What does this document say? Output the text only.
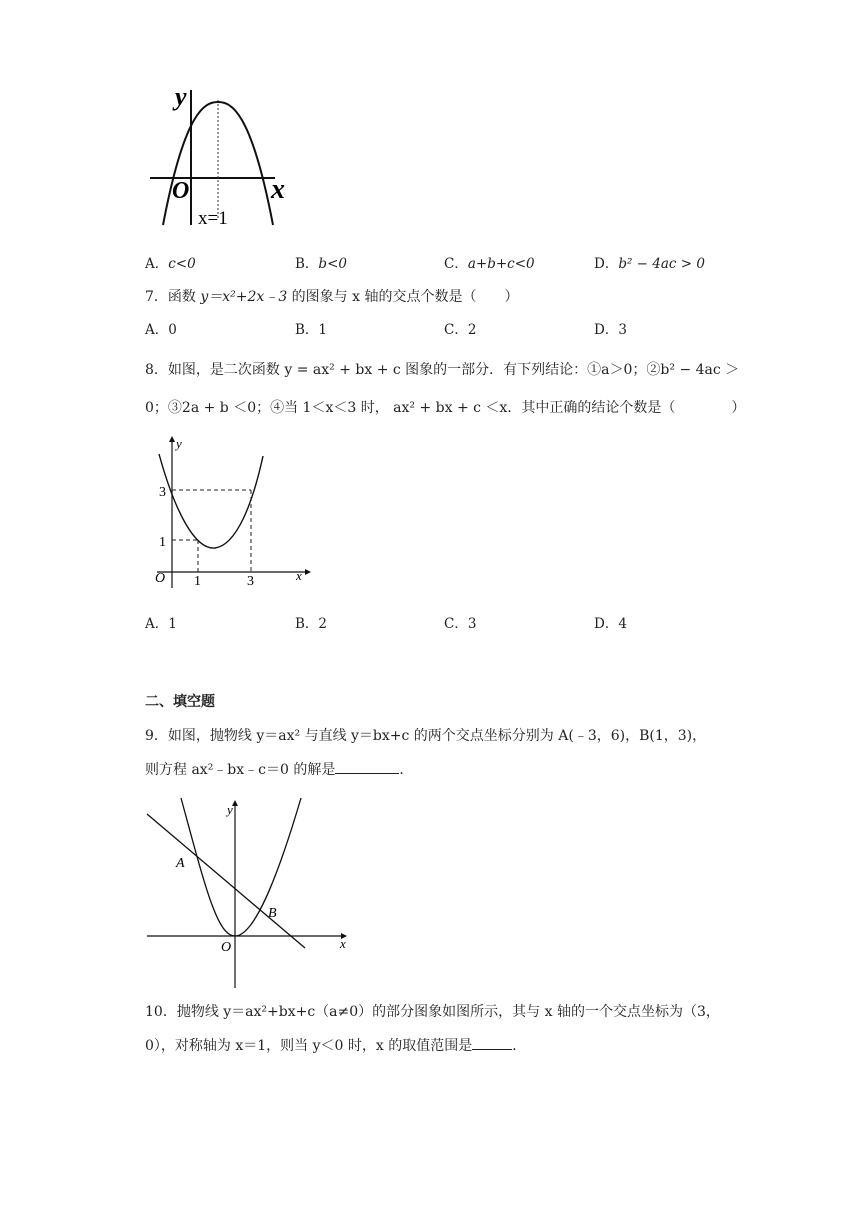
y
O	x
x=1
A．c<0	B．b<0	C．a+b+c<0	D．b² − 4ac > 0
7．函数 y＝x²+2x﹣3 的图象与 x 轴的交点个数是（　　）
A．0	B．1	C．2	D．3
8．如图，是二次函数 y = ax² + bx + c 图象的一部分．有下列结论：①a＞0；②b² − 4ac ＞
0；③2a + b ＜0；④当 1＜x＜3 时， ax² + bx + c ＜x．其中正确的结论个数是（　　　　）
y
x
O
3
1
1	3
A．1	B．2	C．3	D．4
二、填空题
9．如图，抛物线 y＝ax² 与直线 y＝bx+c 的两个交点坐标分别为 A(﹣3，6)，B(1，3)，
则方程 ax²﹣bx﹣c＝0 的解是	．
y
x
O
A
B
10．抛物线 y＝ax²+bx+c（a≠0）的部分图象如图所示，其与 x 轴的一个交点坐标为（3，
0），对称轴为 x＝1，则当 y＜0 时，x 的取值范围是	．
